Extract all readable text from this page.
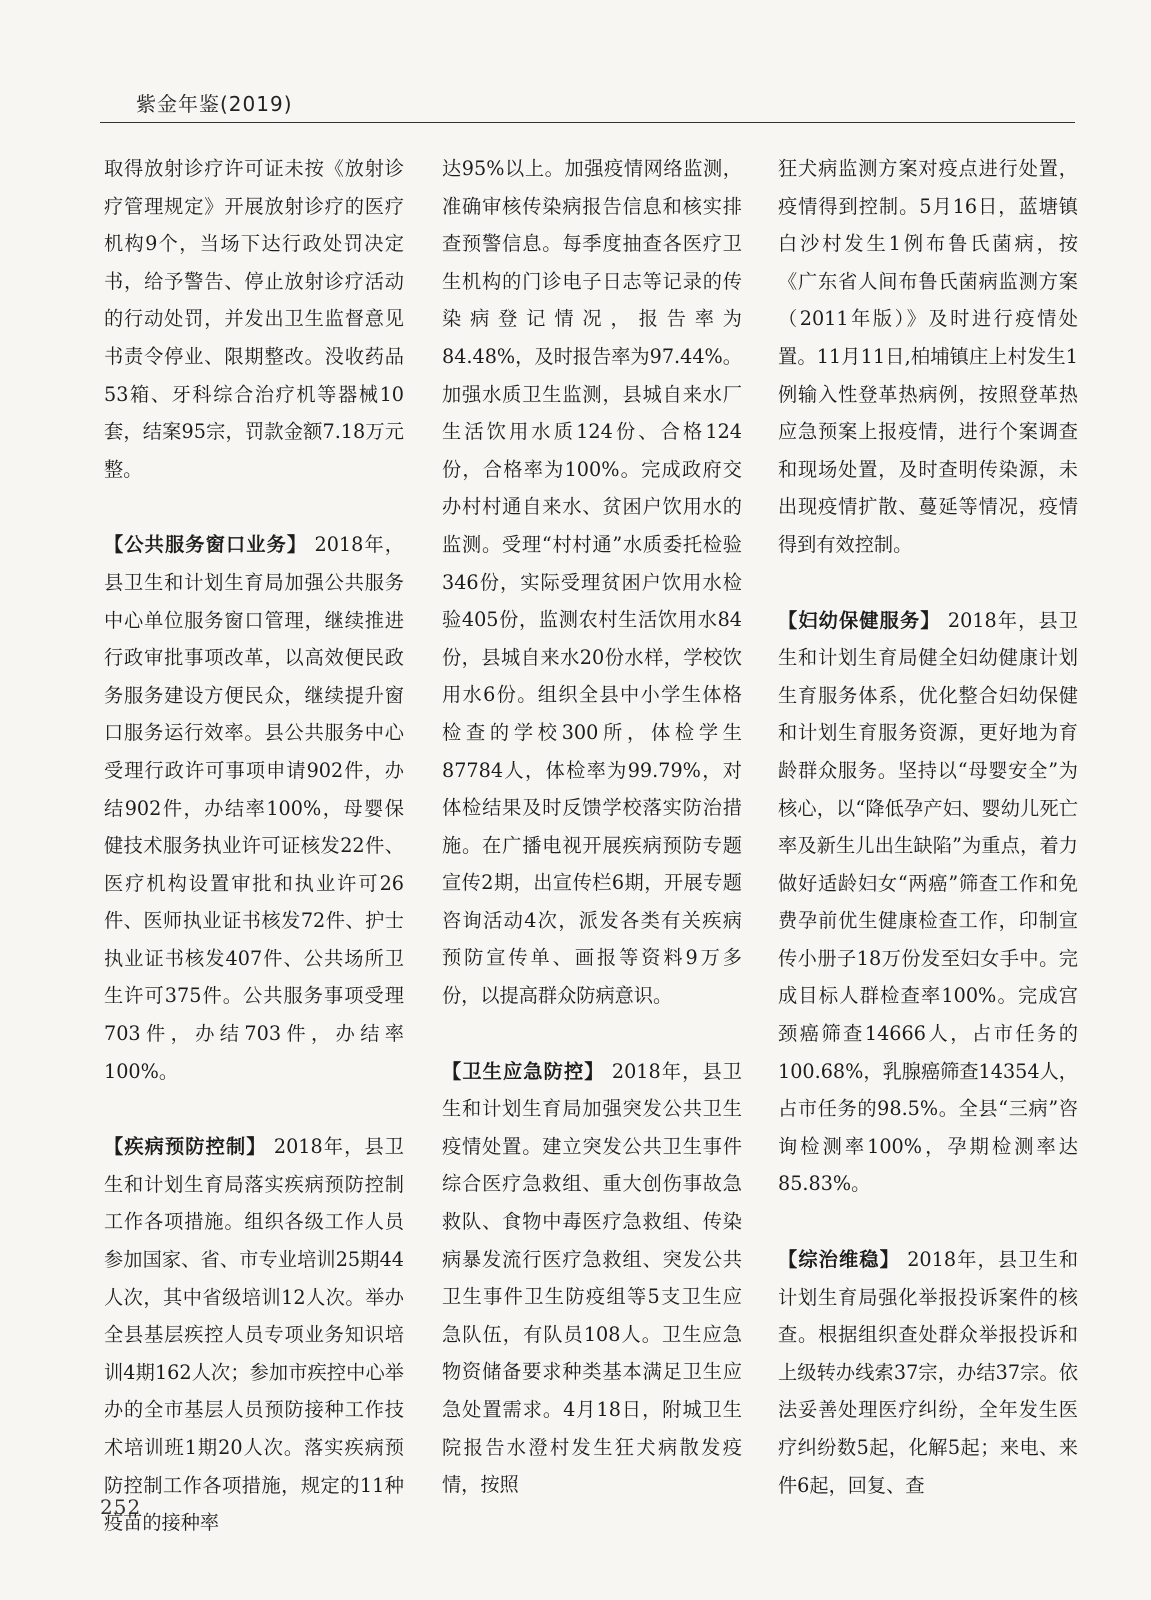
紫金年鉴(2019)

取得放射诊疗许可证未按《放射诊疗管理规定》开展放射诊疗的医疗机构9个，当场下达行政处罚决定书，给予警告、停止放射诊疗活动的行动处罚，并发出卫生监督意见书责令停业、限期整改。没收药品53箱、牙科综合治疗机等器械10套，结案95宗，罚款金额7.18万元整。

【公共服务窗口业务】 2018年，县卫生和计划生育局加强公共服务中心单位服务窗口管理，继续推进行政审批事项改革，以高效便民政务服务建设方便民众，继续提升窗口服务运行效率。县公共服务中心受理行政许可事项申请902件，办结902件，办结率100%，母婴保健技术服务执业许可证核发22件、医疗机构设置审批和执业许可26件、医师执业证书核发72件、护士执业证书核发407件、公共场所卫生许可375件。公共服务事项受理703件，办结703件，办结率100%。

【疾病预防控制】 2018年，县卫生和计划生育局落实疾病预防控制工作各项措施。组织各级工作人员参加国家、省、市专业培训25期44人次，其中省级培训12人次。举办全县基层疾控人员专项业务知识培训4期162人次；参加市疾控中心举办的全市基层人员预防接种工作技术培训班1期20人次。落实疾病预防控制工作各项措施，规定的11种疫苗的接种率

达95%以上。加强疫情网络监测，准确审核传染病报告信息和核实排查预警信息。每季度抽查各医疗卫生机构的门诊电子日志等记录的传染病登记情况，报告率为84.48%，及时报告率为97.44%。加强水质卫生监测，县城自来水厂生活饮用水质124份、合格124份，合格率为100%。完成政府交办村村通自来水、贫困户饮用水的监测。受理“村村通”水质委托检验346份，实际受理贫困户饮用水检验405份，监测农村生活饮用水84份，县城自来水20份水样，学校饮用水6份。组织全县中小学生体格检查的学校300所，体检学生87784人，体检率为99.79%，对体检结果及时反馈学校落实防治措施。在广播电视开展疾病预防专题宣传2期，出宣传栏6期，开展专题咨询活动4次，派发各类有关疾病预防宣传单、画报等资料9万多份，以提高群众防病意识。

【卫生应急防控】 2018年，县卫生和计划生育局加强突发公共卫生疫情处置。建立突发公共卫生事件综合医疗急救组、重大创伤事故急救队、食物中毒医疗急救组、传染病暴发流行医疗急救组、突发公共卫生事件卫生防疫组等5支卫生应急队伍，有队员108人。卫生应急物资储备要求种类基本满足卫生应急处置需求。4月18日，附城卫生院报告水澄村发生狂犬病散发疫情，按照

狂犬病监测方案对疫点进行处置，疫情得到控制。5月16日，蓝塘镇白沙村发生1例布鲁氏菌病，按《广东省人间布鲁氏菌病监测方案（2011年版）》及时进行疫情处置。11月11日,柏埔镇庄上村发生1例输入性登革热病例，按照登革热应急预案上报疫情，进行个案调查和现场处置，及时查明传染源，未出现疫情扩散、蔓延等情况，疫情得到有效控制。

【妇幼保健服务】 2018年，县卫生和计划生育局健全妇幼健康计划生育服务体系，优化整合妇幼保健和计划生育服务资源，更好地为育龄群众服务。坚持以“母婴安全”为核心，以“降低孕产妇、婴幼儿死亡率及新生儿出生缺陷”为重点，着力做好适龄妇女“两癌”筛查工作和免费孕前优生健康检查工作，印制宣传小册子18万份发至妇女手中。完成目标人群检查率100%。完成宫颈癌筛查14666人，占市任务的100.68%，乳腺癌筛查14354人，占市任务的98.5%。全县“三病”咨询检测率100%，孕期检测率达85.83%。

【综治维稳】 2018年，县卫生和计划生育局强化举报投诉案件的核查。根据组织查处群众举报投诉和上级转办线索37宗，办结37宗。依法妥善处理医疗纠纷，全年发生医疗纠纷数5起，化解5起；来电、来件6起，回复、查

252
